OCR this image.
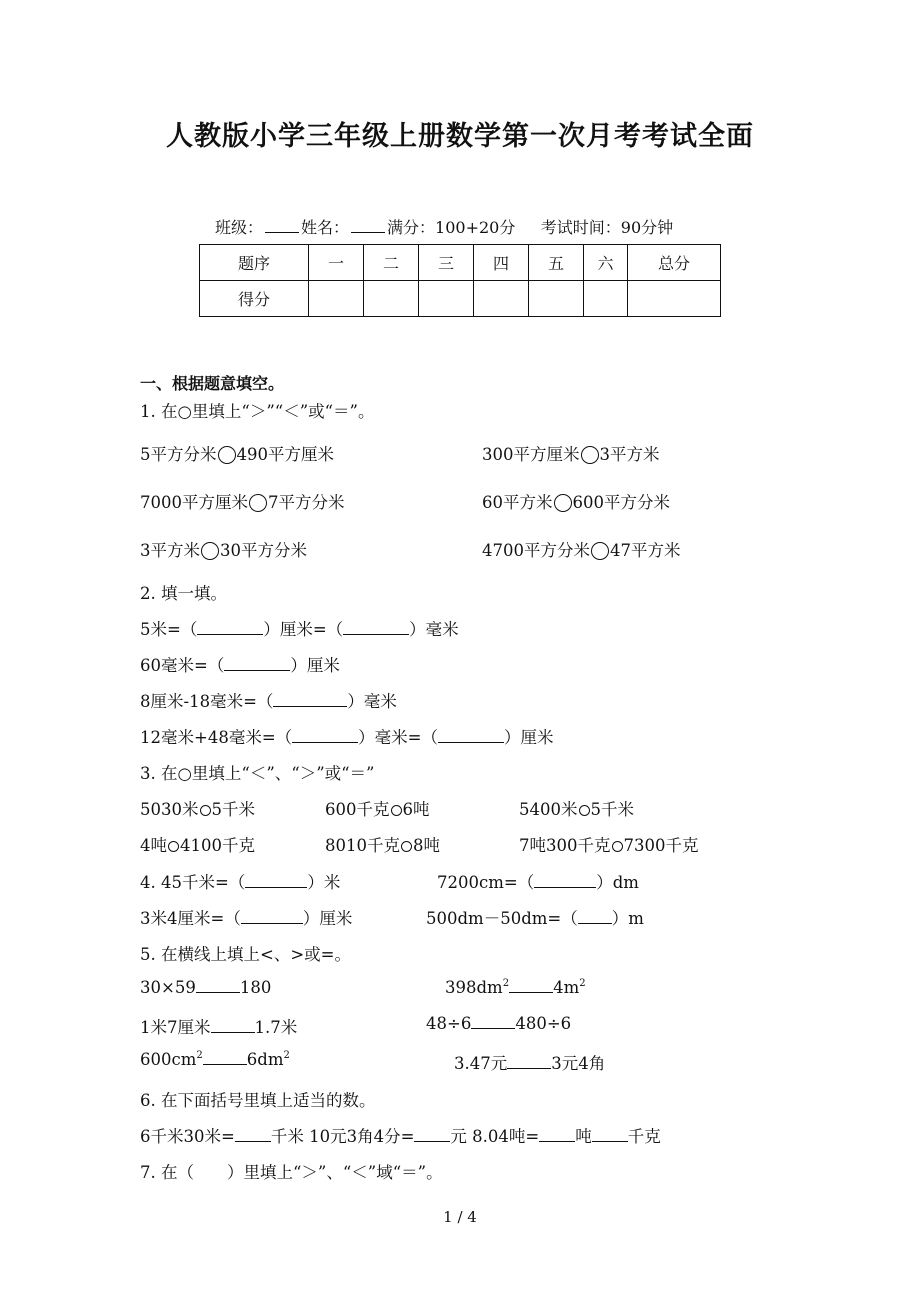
人教版小学三年级上册数学第一次月考考试全面
班级： 姓名： 满分：100+20分 考试时间：90分钟
题序	一	二	三	四	五	六	总分
得分							
一、根据题意填空。
1. 在○里填上“＞”“＜”或“＝”。
5平方分米 490平方厘米	300平方厘米 3平方米
7000平方厘米 7平方分米	60平方米 600平方分米
3平方米 30平方分米	4700平方分米 47平方米
2. 填一填。
5米=（	）厘米=（	）毫米
60毫米=（	）厘米
8厘米-18毫米=（	）毫米
12毫米+48毫米=（	）毫米=（	）厘米
3. 在○里填上“＜”、“＞”或“＝”
5030米 5千米	600千克 6吨	5400米 5千米
4吨 4100千克	8010千克 8吨	7吨300千克 7300千克
4. 45千米=（	）米	7200cm=（	）dm
3米4厘米=（	）厘米	500dm－50dm=（ ）m
5. 在横线上填上<、>或=。
30×59	180	$398dm^2$	$4m^2$
1米7厘米	1.7米	48÷6	480÷6
$600cm^2$	$6dm^2$	3.47元	3元4角
6. 在下面括号里填上适当的数。
6千米30米= 千米 10元3角4分= 元 8.04吨= 吨 千克
7. 在（　　）里填上“＞”、“＜”域“＝”。
1 / 4
